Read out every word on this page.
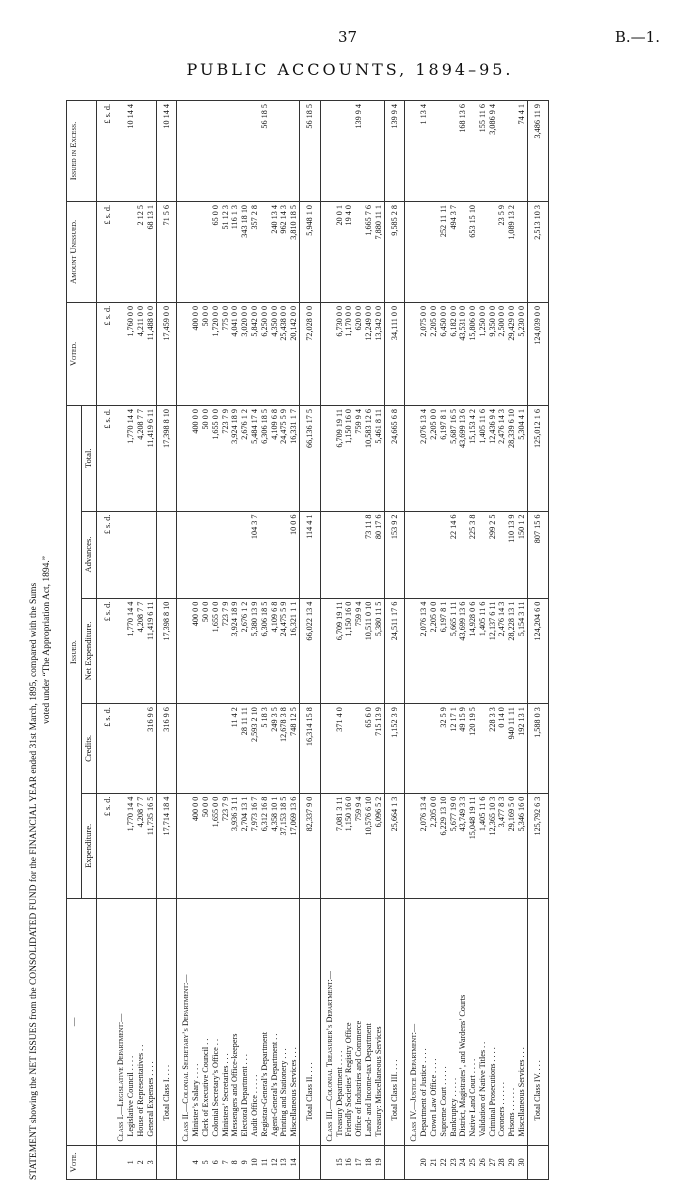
37	B.—1.
PUBLIC ACCOUNTS, 1894–95.
STATEMENT showing the NET ISSUES from the CONSOLIDATED FUND for the FINANCIAL YEAR ended 31st March, 1895, compared with the Sums voted under “The Appropriation Act, 1894.”
Vote.	—	Issued.					Voted.	Amount Unissued.	Issued in Excess.
		Expenditure.	Credits.	Net Expenditure.	Advances.	Total.			
		£ s. d.	£ s. d.	£ s. d.	£ s. d.	£ s. d.	£ s. d.	£ s. d.	£ s. d.
	Class I.—Legislative Department:—								
1	Legislative Council . . . .	1,770 14 4		1,770 14 4		1,770 14 4	1,760 0 0		10 14 4
2	House of Representatives . .	4,208 7 7		4,208 7 7		4,208 7 7	4,211 0 0	2 12 5	
3	General Expenses . . . .	11,735 16 5	316 9 6	11,419 6 11		11,419 6 11	11,488 0 0	68 13 1	
	Total Class I. . . .	17,714 18 4	316 9 6	17,398 8 10		17,398 8 10	17,459 0 0	71 5 6	10 14 4
	Class II.—Colonial Secretary’s Department:—								
4	Minister’s Salary . . . .	400 0 0		400 0 0		400 0 0	400 0 0		
5	Clerk of Executive Council . .	50 0 0		50 0 0		50 0 0	50 0 0		
6	Colonial Secretary’s Office . .	1,655 0 0		1,655 0 0		1,655 0 0	1,720 0 0	65 0 0	
7	Ministers’ Secretaries . . .	723 7 9		723 7 9		723 7 9	775 0 0	51 12 3	
8	Messengers and Office-keepers	3,936 3 11	11 4 2	3,924 18 9		3,924 18 9	4,041 0 0	116 1 3	
9	Electoral Department . . .	2,704 13 1	28 11 11	2,676 1 2		2,676 1 2	3,020 0 0	343 18 10	
10	Audit Office . . . . .	7,973 16 7	2,593 2 10	5,380 13 9	104 3 7	5,484 17 4	5,842 0 0	357 2 8	
11	Registrar-General’s Department	6,312 16 8	5 18 3	6,306 18 5		6,306 18 5	6,250 0 0		56 18 5
12	Agent-General’s Department . .	4,358 10 1	249 3 5	4,109 6 8		4,109 6 8	4,350 0 0	240 13 4	
13	Printing and Stationery . . .	37,153 18 5	12,678 3 8	24,475 5 9		24,475 5 9	25,438 0 0	962 14 3	
14	Miscellaneous Services . . .	17,069 13 6	748 12 5	16,321 1 1	10 0 6	16,331 1 7	20,142 0 0	3,810 18 5	
	Total Class II. . . .	82,337 9 0	16,314 15 8	66,022 13 4	114 4 1	66,136 17 5	72,028 0 0	5,948 1 0	56 18 5
	Class III.—Colonial Treasurer’s Department:—								
15	Treasury Department . . . .	7,081 3 11	371 4 0	6,709 19 11		6,709 19 11	6,730 0 0	20 0 1	
16	Friendly Societies’ Registry Office	1,150 16 0		1,150 16 0		1,150 16 0	1,170 0 0	19 4 0	
17	Office of Industries and Commerce	759 9 4		759 9 4		759 9 4	620 0 0		139 9 4
18	Land- and Income-tax Department	10,576 6 10	65 6 0	10,511 0 10	73 11 8	10,583 12 6	12,249 0 0	1,665 7 6	
19	Treasury: Miscellaneous Services	6,096 5 2	715 13 9	5,380 11 5	80 17 6	5,461 8 11	13,342 0 0	7,880 11 1	
	Total Class III. . . .	25,664 1 3	1,152 3 9	24,511 17 6	153 9 2	24,665 6 8	34,111 0 0	9,585 2 8	139 9 4
	Class IV.—Justice Department:—								
20	Department of Justice . . . .	2,076 13 4		2,076 13 4		2,076 13 4	2,075 0 0		1 13 4
21	Crown Law Office . . . .	2,205 0 0		2,205 0 0		2,205 0 0	2,205 0 0		
22	Supreme Court . . . . .	6,229 13 10	32 5 9	6,197 8 1		6,197 8 1	6,450 0 0	252 11 11	
23	Bankruptcy . . . . .	5,677 19 0	12 17 1	5,665 1 11	22 14 6	5,687 16 5	6,182 0 0	494 3 7	
24	District, Magistrates’, and Wardens’ Courts	43,749 3 3	49 15 9	43,699 13 6		43,699 13 6	43,531 0 0		168 13 6
25	Native Land Court . . . .	15,048 19 11	120 19 5	14,928 0 6	225 3 8	15,153 4 2	15,806 0 0	653 15 10	
26	Validation of Native Titles . .	1,405 11 6		1,405 11 6		1,405 11 6	1,250 0 0		155 11 6
27	Criminal Prosecutions . . . .	12,365 10 3	228 3 3	12,137 6 11	299 2 5	12,436 9 4	9,350 0 0		3,086 9 4
28	Coroners . . . . . .	3,477 8 3	0 14 0	2,476 14 3		2,476 14 3	2,500 0 0	23 5 9	
29	Prisons . . . . . .	29,169 5 0	940 11 11	28,228 13 1	110 13 9	28,339 6 10	29,429 0 0	1,089 13 2	
30	Miscellaneous Services . . .	5,346 16 0	192 13 1	5,154 3 11	150 1 2	5,304 4 1	5,230 0 0		74 4 1
	Total Class IV. . . .	125,792 6 3	1,588 0 3	124,204 6 0	807 15 6	125,012 1 6	124,039 0 0	2,513 10 3	3,486 11 9
